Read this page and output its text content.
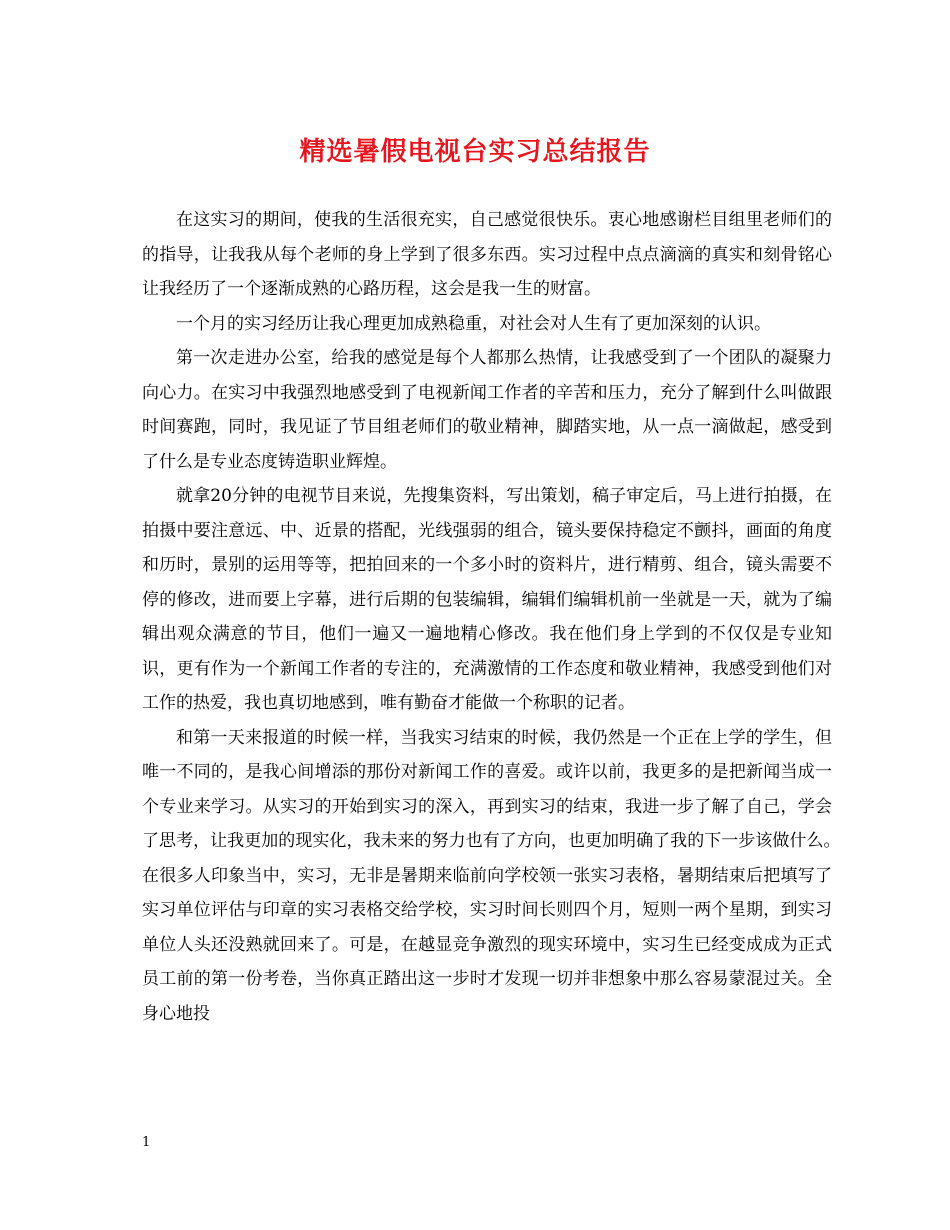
精选暑假电视台实习总结报告

在这实习的期间，使我的生活很充实，自己感觉很快乐。衷心地感谢栏目组里老师们的的指导，让我我从每个老师的身上学到了很多东西。实习过程中点点滴滴的真实和刻骨铭心让我经历了一个逐渐成熟的心路历程，这会是我一生的财富。

一个月的实习经历让我心理更加成熟稳重，对社会对人生有了更加深刻的认识。

第一次走进办公室，给我的感觉是每个人都那么热情，让我感受到了一个团队的凝聚力向心力。在实习中我强烈地感受到了电视新闻工作者的辛苦和压力，充分了解到什么叫做跟时间赛跑，同时，我见证了节目组老师们的敬业精神，脚踏实地，从一点一滴做起，感受到了什么是专业态度铸造职业辉煌。

就拿20分钟的电视节目来说，先搜集资料，写出策划，稿子审定后，马上进行拍摄，在拍摄中要注意远、中、近景的搭配，光线强弱的组合，镜头要保持稳定不颤抖，画面的角度和历时，景别的运用等等，把拍回来的一个多小时的资料片，进行精剪、组合，镜头需要不停的修改，进而要上字幕，进行后期的包装编辑，编辑们编辑机前一坐就是一天，就为了编辑出观众满意的节目，他们一遍又一遍地精心修改。我在他们身上学到的不仅仅是专业知识，更有作为一个新闻工作者的专注的，充满激情的工作态度和敬业精神，我感受到他们对工作的热爱，我也真切地感到，唯有勤奋才能做一个称职的记者。

和第一天来报道的时候一样，当我实习结束的时候，我仍然是一个正在上学的学生，但唯一不同的，是我心间增添的那份对新闻工作的喜爱。或许以前，我更多的是把新闻当成一个专业来学习。从实习的开始到实习的深入，再到实习的结束，我进一步了解了自己，学会了思考，让我更加的现实化，我未来的努力也有了方向，也更加明确了我的下一步该做什么。　在很多人印象当中，实习，无非是暑期来临前向学校领一张实习表格，暑期结束后把填写了实习单位评估与印章的实习表格交给学校，实习时间长则四个月，短则一两个星期，到实习单位人头还没熟就回来了。可是，在越显竞争激烈的现实环境中，实习生已经变成成为正式员工前的第一份考卷，当你真正踏出这一步时才发现一切并非想象中那么容易蒙混过关。全身心地投

1
